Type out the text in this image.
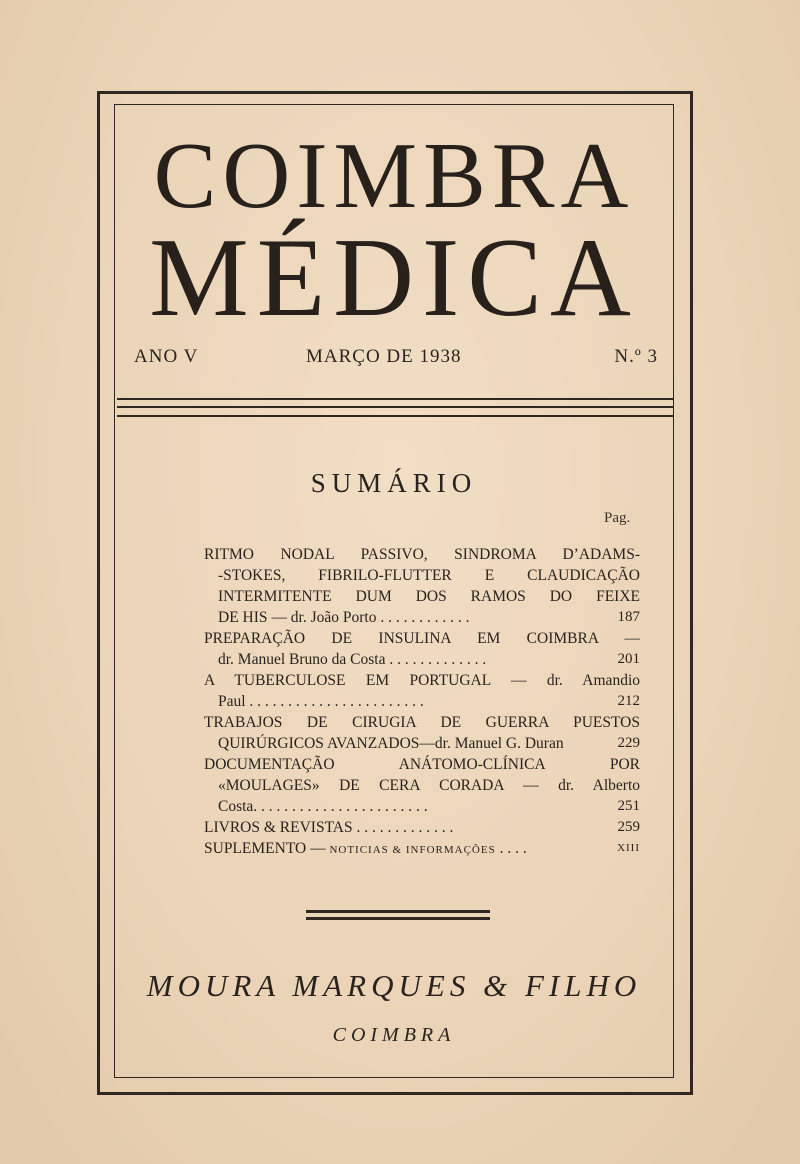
COIMBRA
MÉDICA
ANO V	MARÇO DE 1938	N.º 3
SUMÁRIO
Pag.
RITMO NODAL PASSIVO, SINDROMA D’ADAMS-
-STOKES, FIBRILO-FLUTTER E CLAUDICAÇÃO
INTERMITENTE DUM DOS RAMOS DO FEIXE
DE HIS — dr. João Porto . . . . . . . . . . . .	187
PREPARAÇÃO DE INSULINA EM COIMBRA —
dr. Manuel Bruno da Costa . . . . . . . . . . . . .	201
A TUBERCULOSE EM PORTUGAL — dr. Amandio
Paul . . . . . . . . . . . . . . . . . . . . . . .	212
TRABAJOS DE CIRUGIA DE GUERRA PUESTOS
QUIRÚRGICOS AVANZADOS—dr. Manuel G. Duran	229
DOCUMENTAÇÃO ANÁTOMO-CLÍNICA POR
«MOULAGES» DE CERA CORADA — dr. Alberto
Costa. . . . . . . . . . . . . . . . . . . . . . .	251
LIVROS & REVISTAS . . . . . . . . . . . . .	259
SUPLEMENTO — NOTICIAS & INFORMAÇÕES . . . .	XIII
MOURA MARQUES & FILHO
COIMBRA
